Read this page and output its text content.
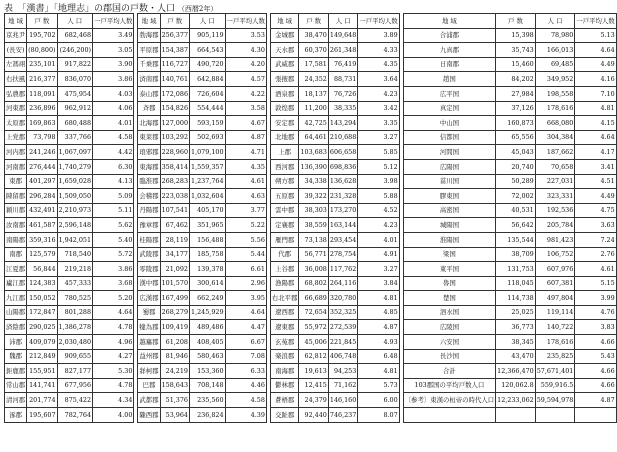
表　「漢書」「地理志」の郡国の戸数・人口 （西暦2年）
地 域	戸 数	人 口	一戸平均人数
京兆尹	195,702	682,468	3.49
(長安)	(80,800)	(246,200)	3.05
左馮翊	235,101	917,822	3.90
右扶風	216,377	836,070	3.86
弘農郡	118,091	475,954	4.03
河東郡	236,896	962,912	4.06
太原郡	169,863	680,488	4.01
上党郡	73,798	337,766	4.58
河内郡	241,246	1,067,097	4.42
河南郡	276,444	1,740,279	6.30
東郡	401,297	1,659,028	4.13
陳留郡	296,284	1,509,050	5.09
潁川郡	432,491	2,210,973	5.11
汝南郡	461,587	2,596,148	5.62
南陽郡	359,316	1,942,051	5.40
南郡	125,579	718,540	5.72
江夏郡	56,844	219,218	3.86
廬江郡	124,383	457,333	3.68
九江郡	150,052	780,525	5.20
山陽郡	172,847	801,288	4.64
済陰郡	290,025	1,386,278	4.78
沛郡	409,079	2,030,480	4.96
魏郡	212,849	909,655	4.27
鉅鹿郡	155,951	827,177	5.30
常山郡	141,741	677,956	4.78
清河郡	201,774	875,422	4.34
涿郡	195,607	782,764	4.00
地 域	戸 数	人 口	一戸平均人数
勃海郡	256,377	905,119	3.53
平原郡	154,387	664,543	4.30
千乗郡	116,727	490,720	4.20
済南郡	140,761	642,884	4.57
泰山郡	172,086	726,604	4.22
斉郡	154,826	554,444	3.58
北海郡	127,000	593,159	4.67
東莱郡	103,292	502,693	4.87
琅邪郡	228,960	1,079,100	4.71
東海郡	358,414	1,559,357	4.35
臨淮郡	268,283	1,237,764	4.61
会稽郡	223,038	1,032,604	4.63
丹陽郡	107,541	405,170	3.77
豫章郡	67,462	351,965	5.22
桂陽郡	28,119	156,488	5.56
武陵郡	34,177	185,758	5.44
零陵郡	21,092	139,378	6.61
漢中郡	101,570	300,614	2.96
広漢郡	167,499	662,249	3.95
蜀郡	268,279	1,245,929	4.64
犍為郡	109,419	489,486	4.47
越巂郡	61,208	408,405	6.67
益州郡	81,946	580,463	7.08
牂柯郡	24,219	153,360	6.33
巴郡	158,643	708,148	4.46
武都郡	51,376	235,560	4.58
隴西郡	53,964	236,824	4.39
地 域	戸 数	人 口	一戸平均人数
金城郡	38,470	149,648	3.89
天水郡	60,370	261,348	4.33
武威郡	17,581	76,419	4.35
張掖郡	24,352	88,731	3.64
酒泉郡	18,137	76,726	4.23
敦煌郡	11,200	38,335	3.42
安定郡	42,725	143,294	3.35
北地郡	64,461	210,688	3.27
上郡	103,683	606,658	5.85
西河郡	136,390	698,836	5.12
朔方郡	34,338	136,628	3.98
五原郡	39,322	231,328	5.88
雲中郡	38,303	173,270	4.52
定襄郡	38,559	163,144	4.23
雁門郡	73,138	293,454	4.01
代郡	56,771	278,754	4.91
上谷郡	36,008	117,762	3.27
漁陽郡	68,802	264,116	3.84
右北平郡	66,689	320,780	4.81
遼西郡	72,654	352,325	4.85
遼東郡	55,972	272,539	4.87
玄菟郡	45,006	221,845	4.93
楽浪郡	62,812	406,748	6.48
南海郡	19,613	94,253	4.81
鬱林郡	12,415	71,162	5.73
蒼梧郡	24,379	146,160	6.00
交趾郡	92,440	746,237	8.07
地 域	戸 数	人 口	一戸平均人数
合浦郡	15,398	78,980	5.13
九真郡	35,743	166,013	4.64
日南郡	15,460	69,485	4.49
趙国	84,202	349,952	4.16
広平国	27,984	198,558	7.10
真定国	37,126	178,616	4.81
中山国	160,873	668,080	4.15
信都国	65,556	304,384	4.64
河間国	45,043	187,662	4.17
広陽国	20,740	70,658	3.41
菑川国	50,289	227,031	4.51
膠東国	72,002	323,331	4.49
高密国	40,531	192,536	4.75
城陽国	56,642	205,784	3.63
淮陽国	135,544	981,423	7.24
梁国	38,709	106,752	2.76
東平国	131,753	607,976	4.61
魯国	118,045	607,381	5.15
楚国	114,738	497,804	3.99
泗水国	25,025	119,114	4.76
広陵国	36,773	140,722	3.83
六安国	38,345	178,616	4.66
長沙国	43,470	235,825	5.43
合計	12,366,470	57,671,401	4.66
103郡国の平均戸数人口	120,062.8	559,916.5	4.66
〔参考〕東漢の桓帝の時代人口	12,233,062	59,594,978	4.87
